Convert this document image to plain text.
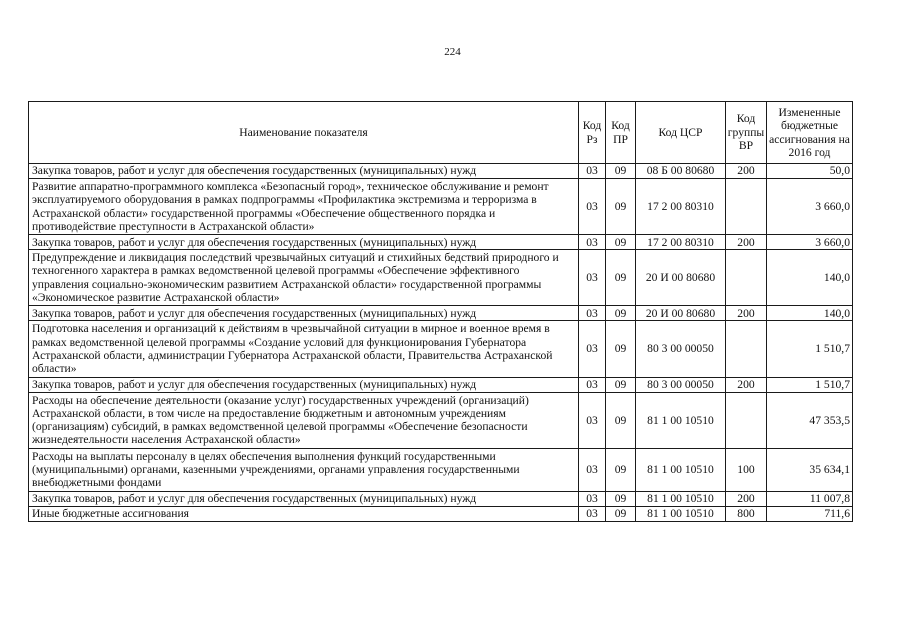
224
Наименование показателя	Код Рз	Код ПР	Код ЦСР	Код группы ВР	Измененные бюджетные ассигнования на 2016 год
Закупка товаров, работ и услуг для обеспечения государственных (муниципальных) нужд	03	09	08 Б 00 80680	200	50,0
Развитие аппаратно-программного комплекса «Безопасный город», техническое обслуживание и ремонт эксплуатируемого оборудования в рамках подпрограммы «Профилактика экстремизма и терроризма в Астраханской области» государственной программы «Обеспечение общественного порядка и противодействие преступности в Астраханской области»	03	09	17 2 00 80310		3 660,0
Закупка товаров, работ и услуг для обеспечения государственных (муниципальных) нужд	03	09	17 2 00 80310	200	3 660,0
Предупреждение и ликвидация последствий чрезвычайных ситуаций и стихийных бедствий природного и техногенного характера в рамках ведомственной целевой программы «Обеспечение эффективного управления социально-экономическим развитием Астраханской области» государственной программы «Экономическое развитие Астраханской области»	03	09	20 И 00 80680		140,0
Закупка товаров, работ и услуг для обеспечения государственных (муниципальных) нужд	03	09	20 И 00 80680	200	140,0
Подготовка населения и организаций к действиям в чрезвычайной ситуации в мирное и военное время в рамках ведомственной целевой программы «Создание условий для функционирования Губернатора Астраханской области, администрации Губернатора Астраханской области, Правительства Астраханской области»	03	09	80 3 00 00050		1 510,7
Закупка товаров, работ и услуг для обеспечения государственных (муниципальных) нужд	03	09	80 3 00 00050	200	1 510,7
Расходы на обеспечение деятельности (оказание услуг) государственных учреждений (организаций) Астраханской области, в том числе на предоставление бюджетным и автономным учреждениям (организациям) субсидий, в рамках ведомственной целевой программы «Обеспечение безопасности жизнедеятельности населения Астраханской области»	03	09	81 1 00 10510		47 353,5
Расходы на выплаты персоналу в целях обеспечения выполнения функций государственными (муниципальными) органами, казенными учреждениями, органами управления государственными внебюджетными фондами	03	09	81 1 00 10510	100	35 634,1
Закупка товаров, работ и услуг для обеспечения государственных (муниципальных) нужд	03	09	81 1 00 10510	200	11 007,8
Иные бюджетные ассигнования	03	09	81 1 00 10510	800	711,6
